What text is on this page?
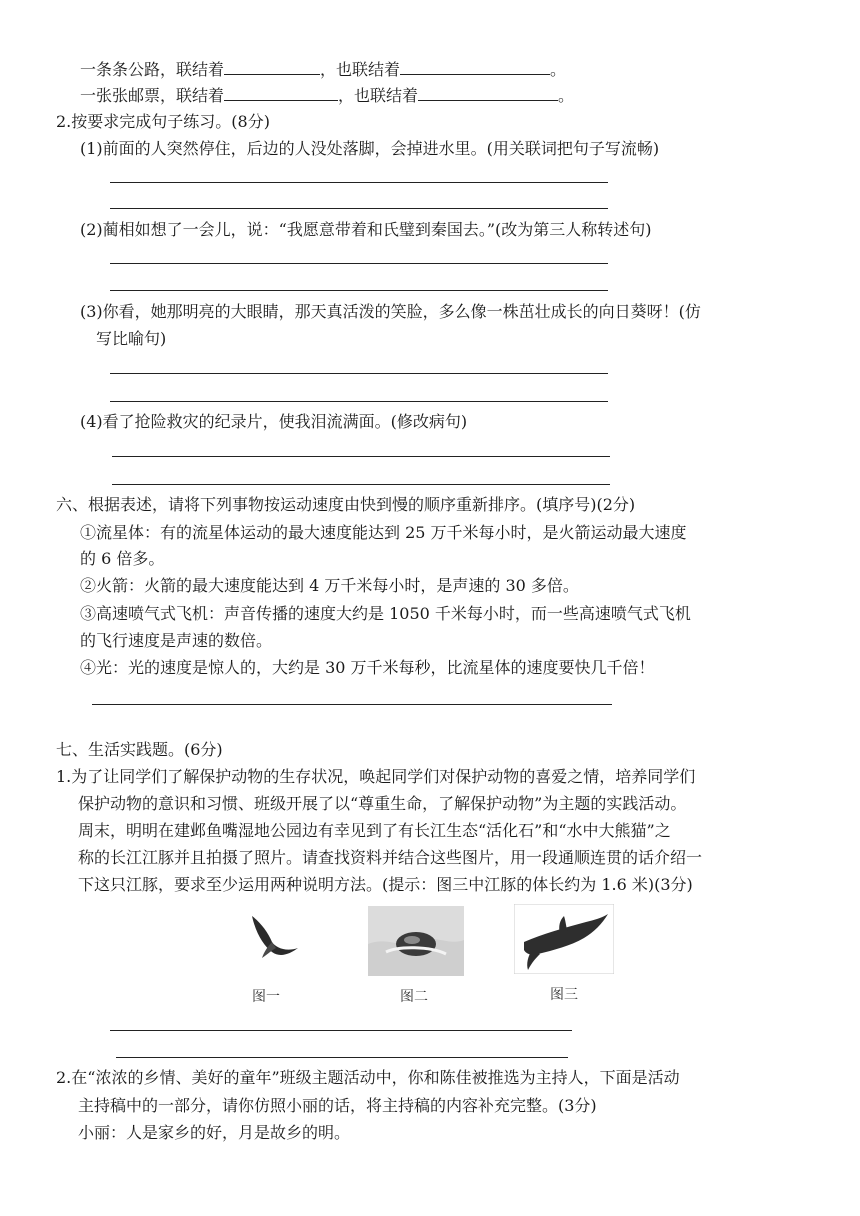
一条条公路，联结着	，也联结着	。
一张张邮票，联结着	，也联结着	。
2.按要求完成句子练习。(8分)
(1)前面的人突然停住，后边的人没处落脚，会掉进水里。(用关联词把句子写流畅)
(2)蔺相如想了一会儿，说：“我愿意带着和氏璧到秦国去。”(改为第三人称转述句)
(3)你看，她那明亮的大眼睛，那天真活泼的笑脸，多么像一株茁壮成长的向日葵呀！(仿
写比喻句)
(4)看了抢险救灾的纪录片，使我泪流满面。(修改病句)
六、根据表述，请将下列事物按运动速度由快到慢的顺序重新排序。(填序号)(2分)
①流星体：有的流星体运动的最大速度能达到 25 万千米每小时，是火箭运动最大速度
的 6 倍多。
②火箭：火箭的最大速度能达到 4 万千米每小时，是声速的 30 多倍。
③高速喷气式飞机：声音传播的速度大约是 1050 千米每小时，而一些高速喷气式飞机
的飞行速度是声速的数倍。
④光：光的速度是惊人的，大约是 30 万千米每秒，比流星体的速度要快几千倍！
七、生活实践题。(6分)
1.为了让同学们了解保护动物的生存状况，唤起同学们对保护动物的喜爱之情，培养同学们
保护动物的意识和习惯、班级开展了以“尊重生命，了解保护动物”为主题的实践活动。
周末，明明在建邺鱼嘴湿地公园边有幸见到了有长江生态“活化石”和“水中大熊猫”之
称的长江江豚并且拍摄了照片。请查找资料并结合这些图片，用一段通顺连贯的话介绍一
下这只江豚，要求至少运用两种说明方法。(提示：图三中江豚的体长约为 1.6 米)(3分)
图一	图二	图三
2.在“浓浓的乡情、美好的童年”班级主题活动中，你和陈佳被推选为主持人，下面是活动
主持稿中的一部分，请你仿照小丽的话，将主持稿的内容补充完整。(3分)
小丽：人是家乡的好，月是故乡的明。
